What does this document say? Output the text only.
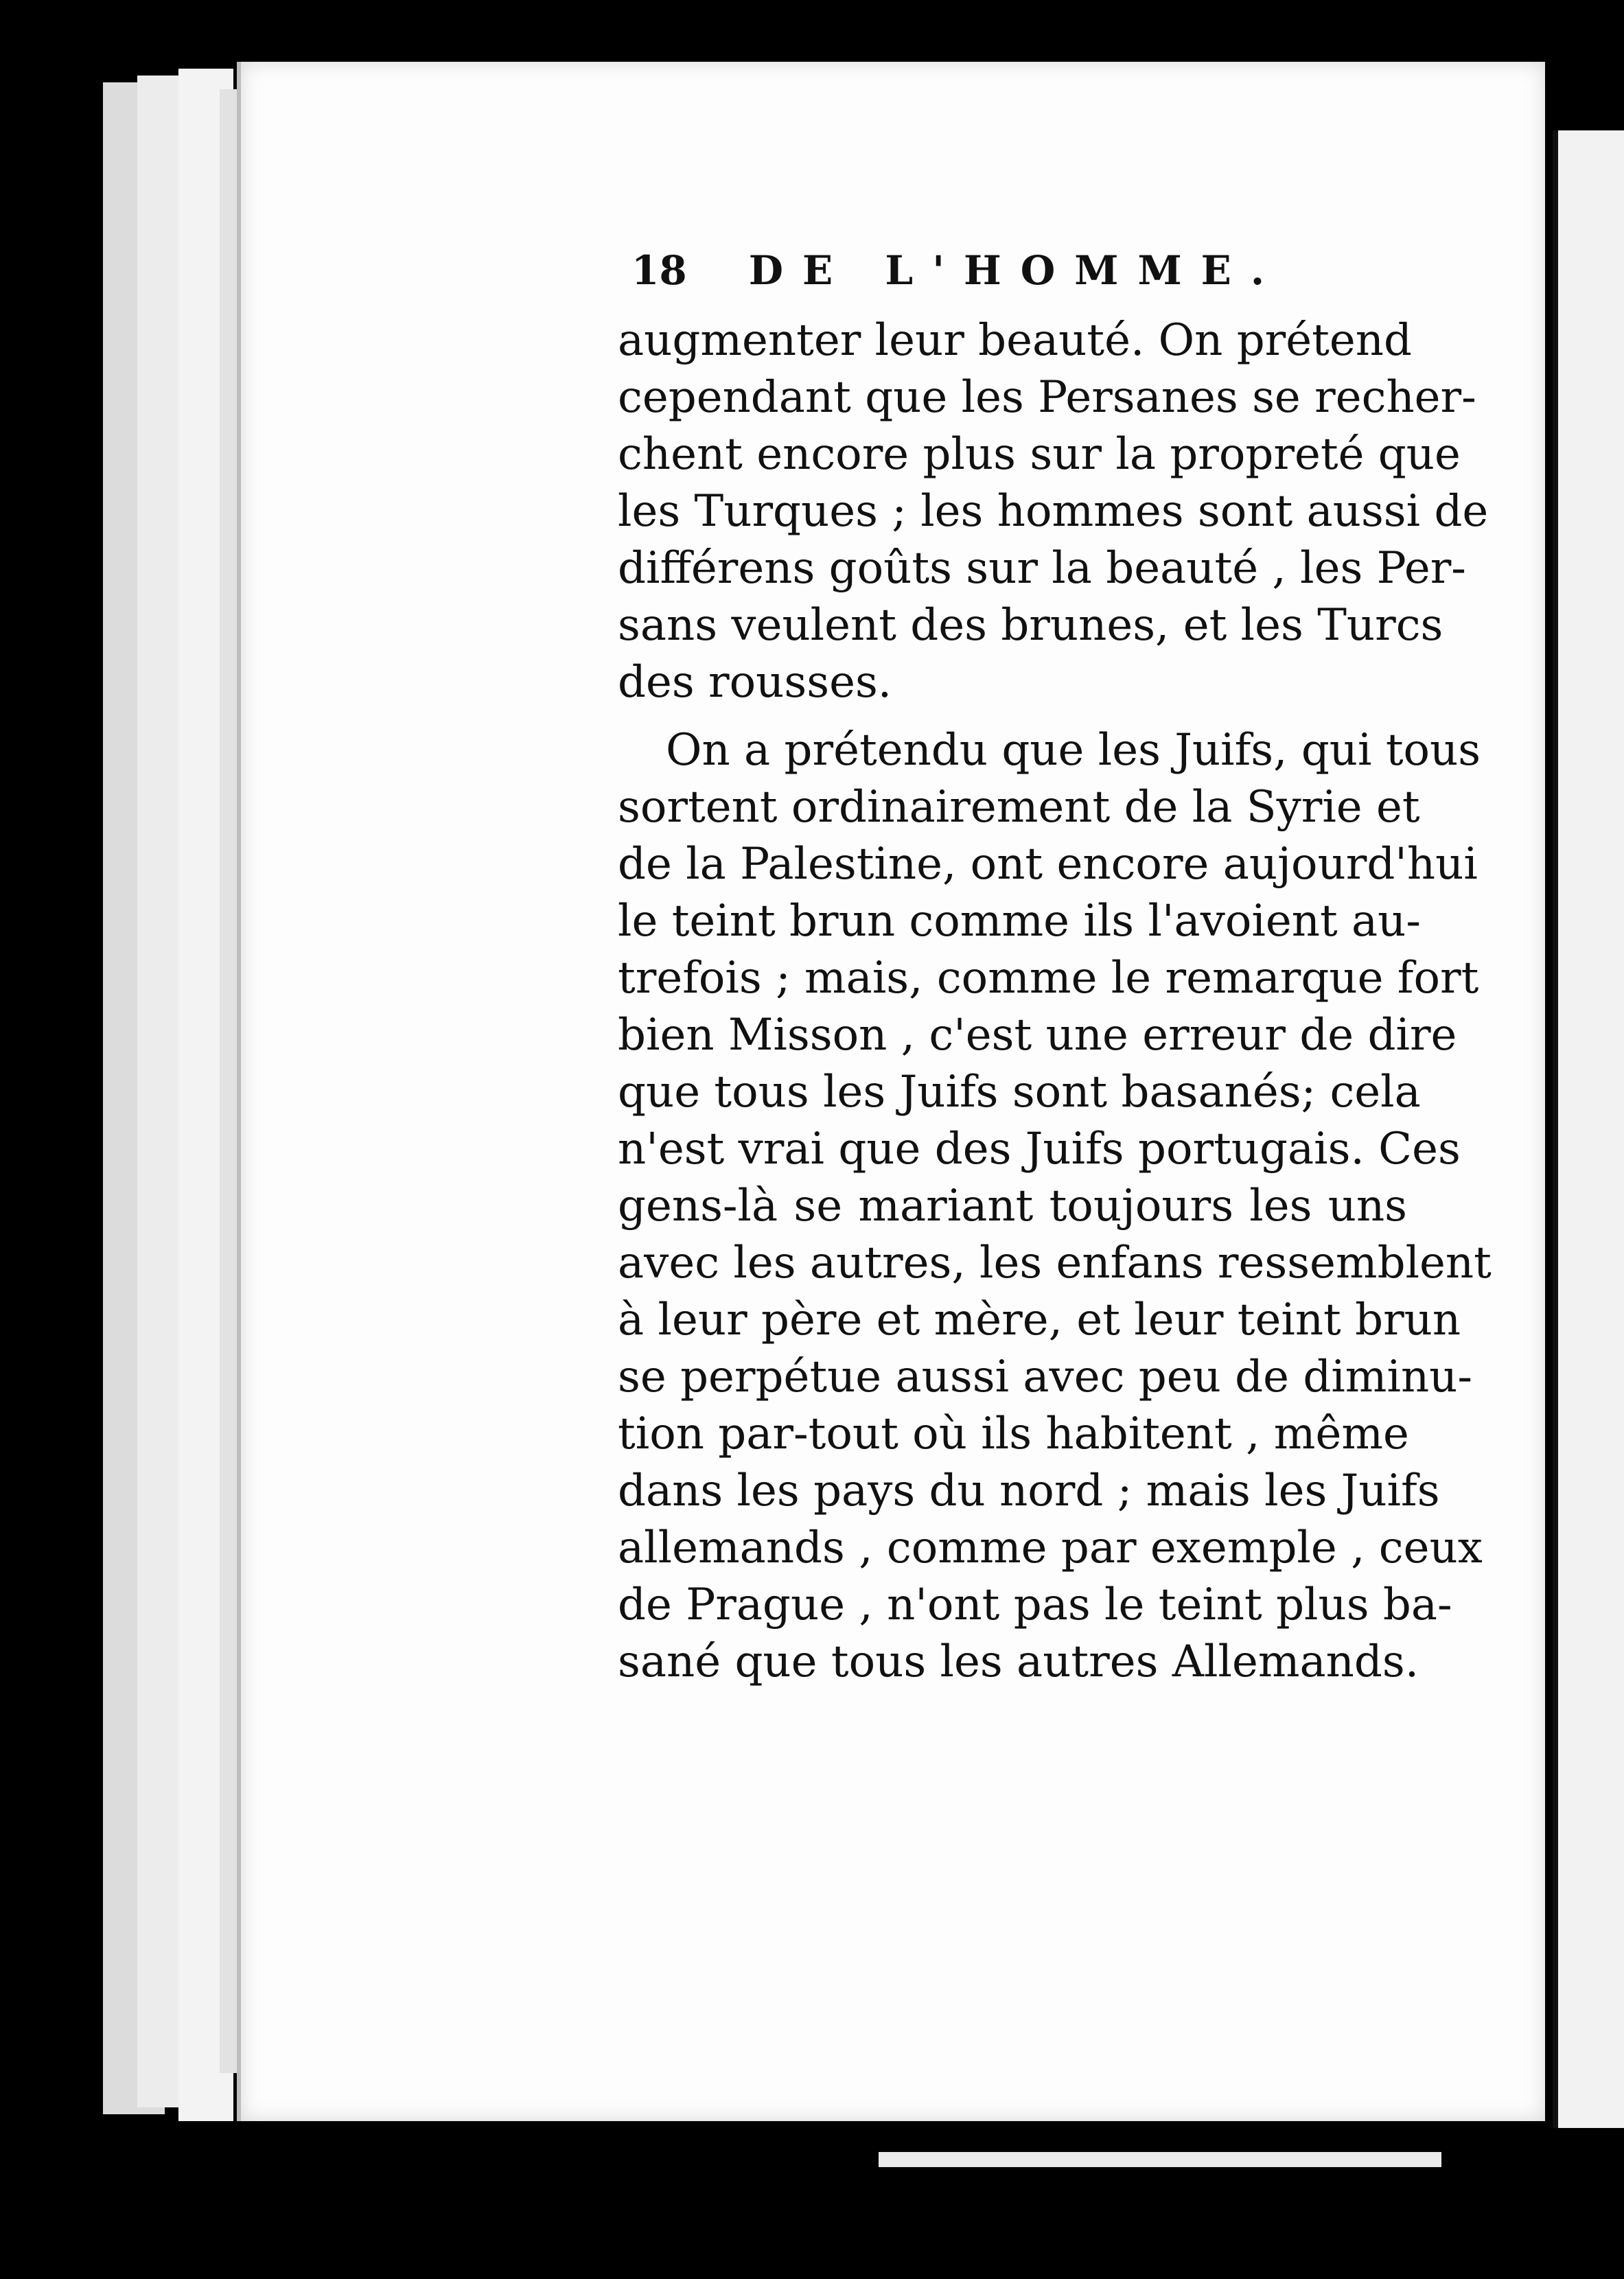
18 DE L'HOMME.
augmenter leur beauté. On prétend
cependant que les Persanes se recher-
chent encore plus sur la propreté que
les Turques ; les hommes sont aussi de
différens goûts sur la beauté , les Per-
sans veulent des brunes, et les Turcs
des rousses.
On a prétendu que les Juifs, qui tous
sortent ordinairement de la Syrie et
de la Palestine, ont encore aujourd'hui
le teint brun comme ils l'avoient au-
trefois ; mais, comme le remarque fort
bien Misson , c'est une erreur de dire
que tous les Juifs sont basanés; cela
n'est vrai que des Juifs portugais. Ces
gens-là se mariant toujours les uns
avec les autres, les enfans ressemblent
à leur père et mère, et leur teint brun
se perpétue aussi avec peu de diminu-
tion par-tout où ils habitent , même
dans les pays du nord ; mais les Juifs
allemands , comme par exemple , ceux
de Prague , n'ont pas le teint plus ba-
sané que tous les autres Allemands.
